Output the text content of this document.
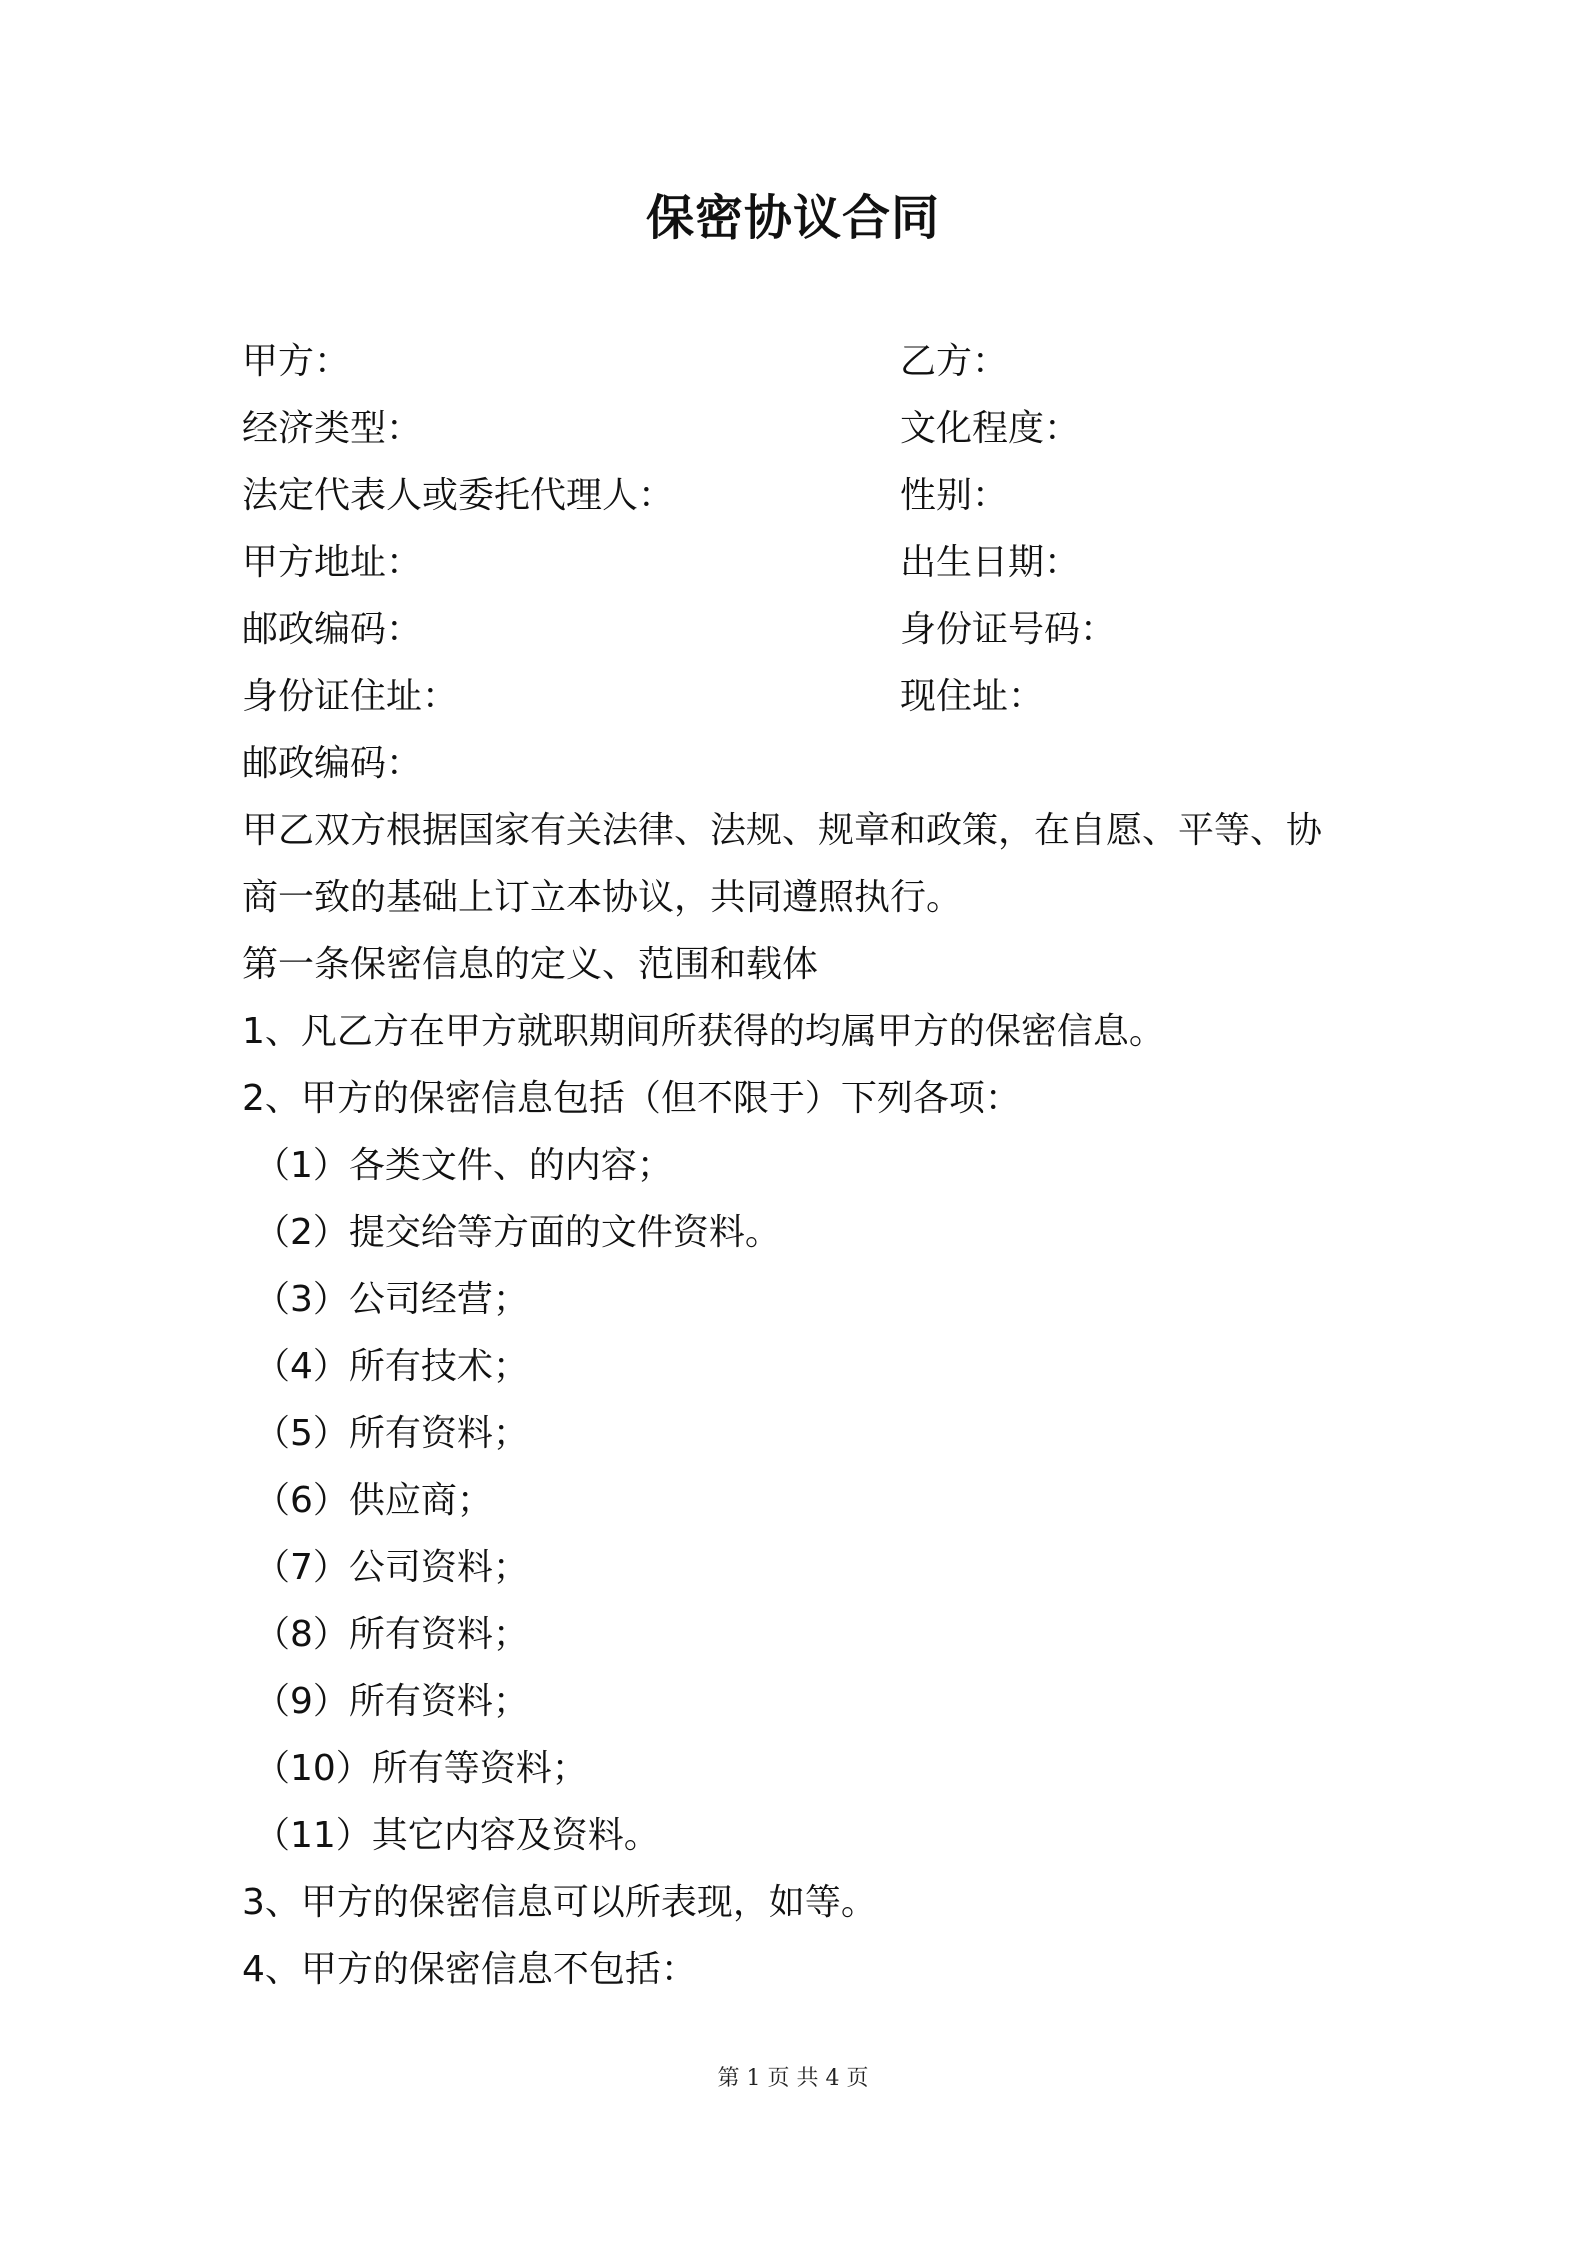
保密协议合同
甲方：	乙方：
经济类型：	文化程度：
法定代表人或委托代理人：	性别：
甲方地址：	出生日期：
邮政编码：	身份证号码：
身份证住址：	现住址：
邮政编码：
甲乙双方根据国家有关法律、法规、规章和政策，在自愿、平等、协
商一致的基础上订立本协议，共同遵照执行。
第一条保密信息的定义、范围和载体
1、凡乙方在甲方就职期间所获得的均属甲方的保密信息。
2、甲方的保密信息包括（但不限于）下列各项：
（1）各类文件、的内容；
（2）提交给等方面的文件资料。
（3）公司经营；
（4）所有技术；
（5）所有资料；
（6）供应商；
（7）公司资料；
（8）所有资料；
（9）所有资料；
（10）所有等资料；
（11）其它内容及资料。
3、甲方的保密信息可以所表现，如等。
4、甲方的保密信息不包括：
第 1 页 共 4 页
